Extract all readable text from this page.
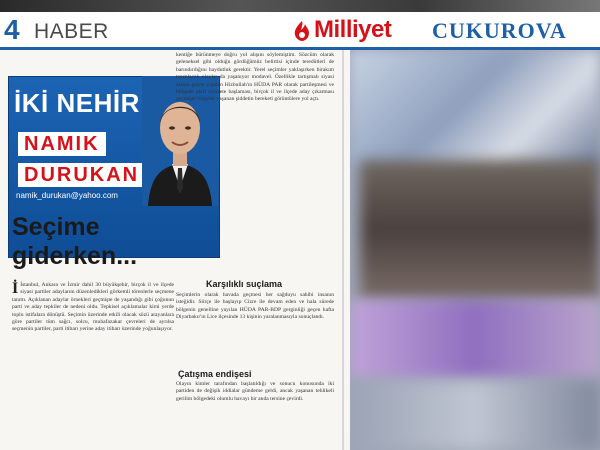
4 HABER	Milliyet CUKUROVA
İKİ NEHİR
NAMIK
DURUKAN
namik_durukan@yahoo.com
Seçime giderken...
İ İstanbul, Ankara ve İzmir dahil 30 büyükşehir, birçok il ve ilçede siyasi partiler adaylarını düzenledikleri görkemli törenlerle seçmene tanıttı. Açıklanan adaylar örnekleri geçmişte de yaşandığı gibi çoğunun parti ve aday tepkiler de nedeni oldu. Tepkisel açıklamalar kimi yerde toplu istifalara dönüştü. Seçimin üzerinde etkili olacak sözü arayanlara göre partiler tüm sağcı, solcu, muhafazakar çevreleri de ayrılsa seçmenin partiler, parti itibarı yerine aday itibarı üzerinde yoğunlaşıyor.
kentiğe bürünmeye doğru yol alışını söylemiştim. Sözcüm olarak geleneksel gibi olduğu gördüğümüz belirtisi içinde teredütleri de barındırdığını haydutluk gerektir. Yerel seçimler yaklaşırken birakım tanıtılacak olaylar da yaşanıyor modavel. Özellikle tartışmalı siyasi alanın geçen yapılan Hizbullah'ın HÜDA PAR olarak partileşmesi ve bölgede aktif siyasete başlaması, birçok il ve ilçede aday çıkarması geçmişte bölgede yaşanan şiddetin bereketi görüntülere yol açtı.
Karşılıklı suçlama
Seçimlerin olarak havada geçmesi her sağduyu sahibi insanın isteğidir. Siirçe ile başlayıp Cizre ile devam eden ve hala sürede bölgenin genelline yayılan HÜDA PAR-BDP gerginliği geçen hafta Diyarbakır'ın Lice ilçesinde 13 kişinin yaralanmasıyla sonuçlandı.
Çatışma endişesi
Olayın kimler tarafından başlatıldığı ve sonucu konusunda iki partiden de değişik iddialar gündeme geldi, ancak yaşanan tehlikeli gerilim bölgedeki olumlu havayı bir anda tersine çevirdi.
